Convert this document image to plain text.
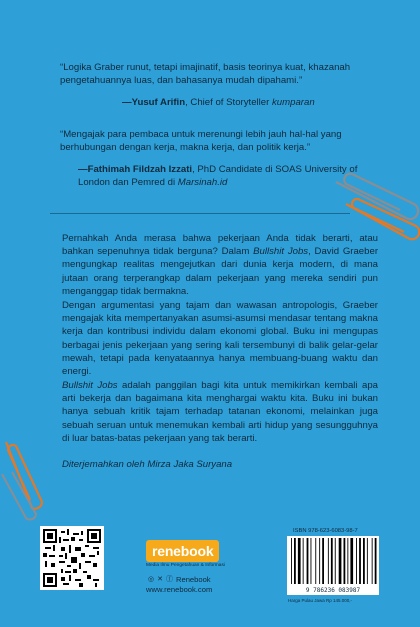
“Logika Graber runut, tetapi imajinatif, basis teorinya kuat, khazanah pengetahuannya luas, dan bahasanya mudah dipahami.”
—Yusuf Arifin, Chief of Storyteller kumparan
“Mengajak para pembaca untuk merenungi lebih jauh hal-hal yang berhubungan dengan kerja, makna kerja, dan politik kerja.”
—Fathimah Fildzah Izzati, PhD Candidate di SOAS University of London dan Pemred di Marsinah.id

Pernahkah Anda merasa bahwa pekerjaan Anda tidak berarti, atau bahkan sepenuhnya tidak berguna? Dalam Bullshit Jobs, David Graeber mengungkap realitas mengejutkan dari dunia kerja modern, di mana jutaan orang terperangkap dalam pekerjaan yang mereka sendiri pun menganggap tidak bermakna.

Dengan argumentasi yang tajam dan wawasan antropologis, Graeber mengajak kita mempertanyakan asumsi-asumsi mendasar tentang makna kerja dan kontribusi individu dalam ekonomi global. Buku ini mengupas berbagai jenis pekerjaan yang sering kali tersembunyi di balik gelar-gelar mewah, tetapi pada kenyataannya hanya membuang-buang waktu dan energi.

Bullshit Jobs adalah panggilan bagi kita untuk memikirkan kembali apa arti bekerja dan bagaimana kita menghargai waktu kita. Buku ini bukan hanya sebuah kritik tajam terhadap tatanan ekonomi, melainkan juga sebuah seruan untuk menemukan kembali arti hidup yang sesungguhnya di luar batas-batas pekerjaan yang tak berarti.

Diterjemahkan oleh Mirza Jaka Suryana
renebook
Media Ilmu Pengetahuan & Informasi
◎ ✕ ⓕ Renebook
www.renebook.com
ISBN 978-623-6083-98-7
9 786236 083987
Harga Pulau Jawa Rp 145.000,-
